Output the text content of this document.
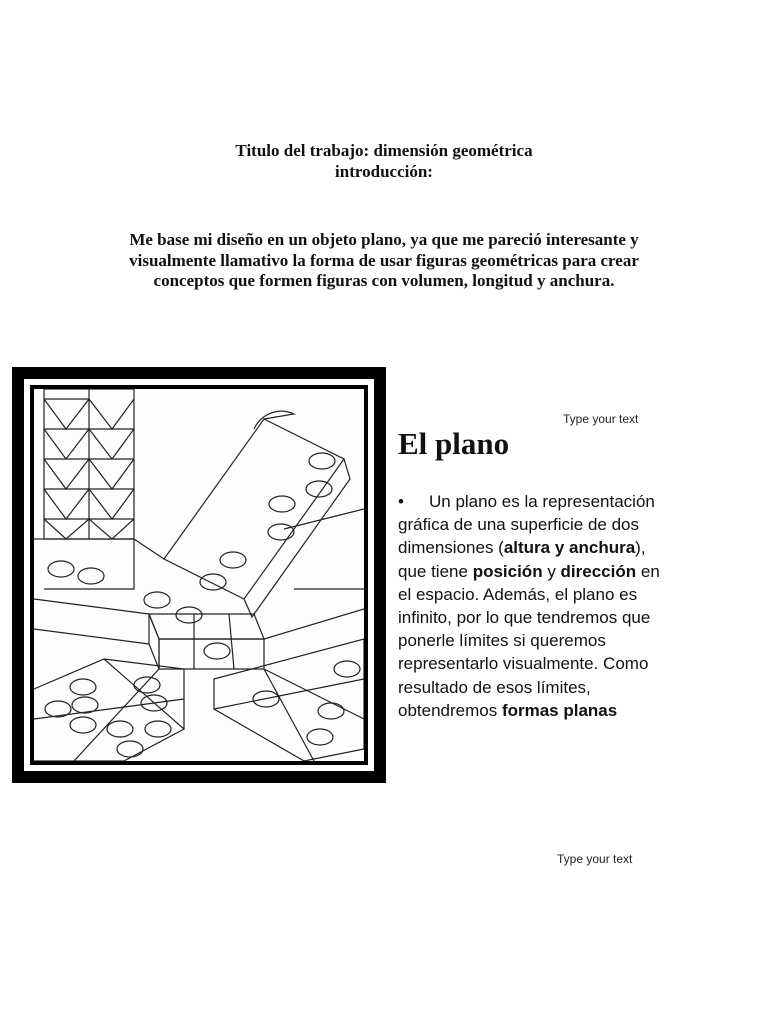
Titulo del trabajo: dimensión geométrica
introducción:
Me base mi diseño en un objeto plano, ya que me pareció interesante y visualmente llamativo la forma de usar figuras geométricas para crear conceptos que formen figuras con volumen, longitud y anchura.
Type your text
El plano
• Un plano es la representación gráfica de una superficie de dos dimensiones (altura y anchura), que tiene posición y dirección en el espacio. Además, el plano es infinito, por lo que tendremos que ponerle límites si queremos representarlo visualmente. Como resultado de esos límites, obtendremos formas planas
Type your text
